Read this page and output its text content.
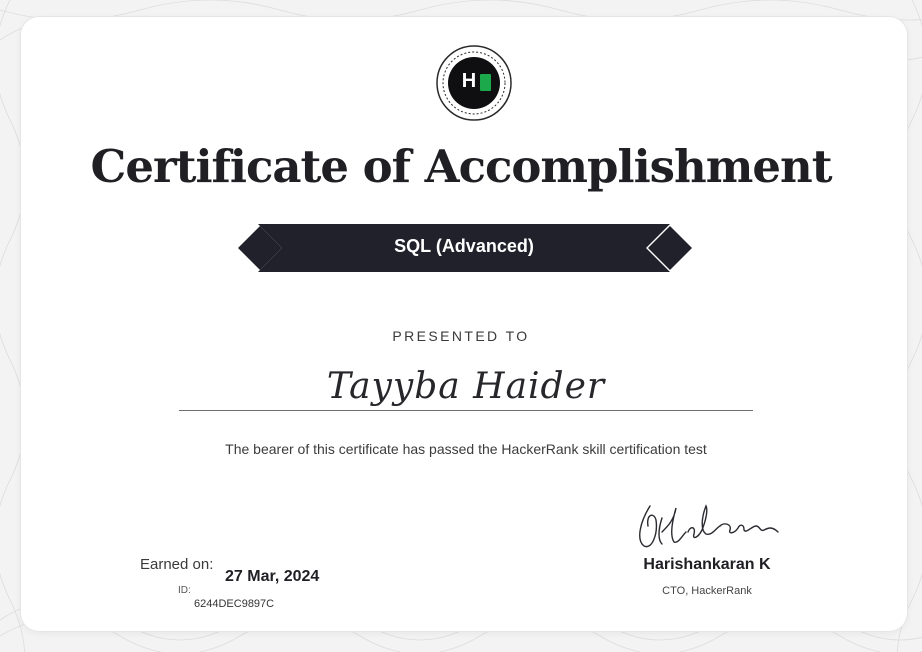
H
Certificate of Accomplishment
SQL (Advanced)
PRESENTED TO
Tayyba Haider
The bearer of this certificate has passed the HackerRank skill certification test
Earned on:
27 Mar, 2024
ID:
6244DEC9897C
Harishankaran K
CTO, HackerRank
